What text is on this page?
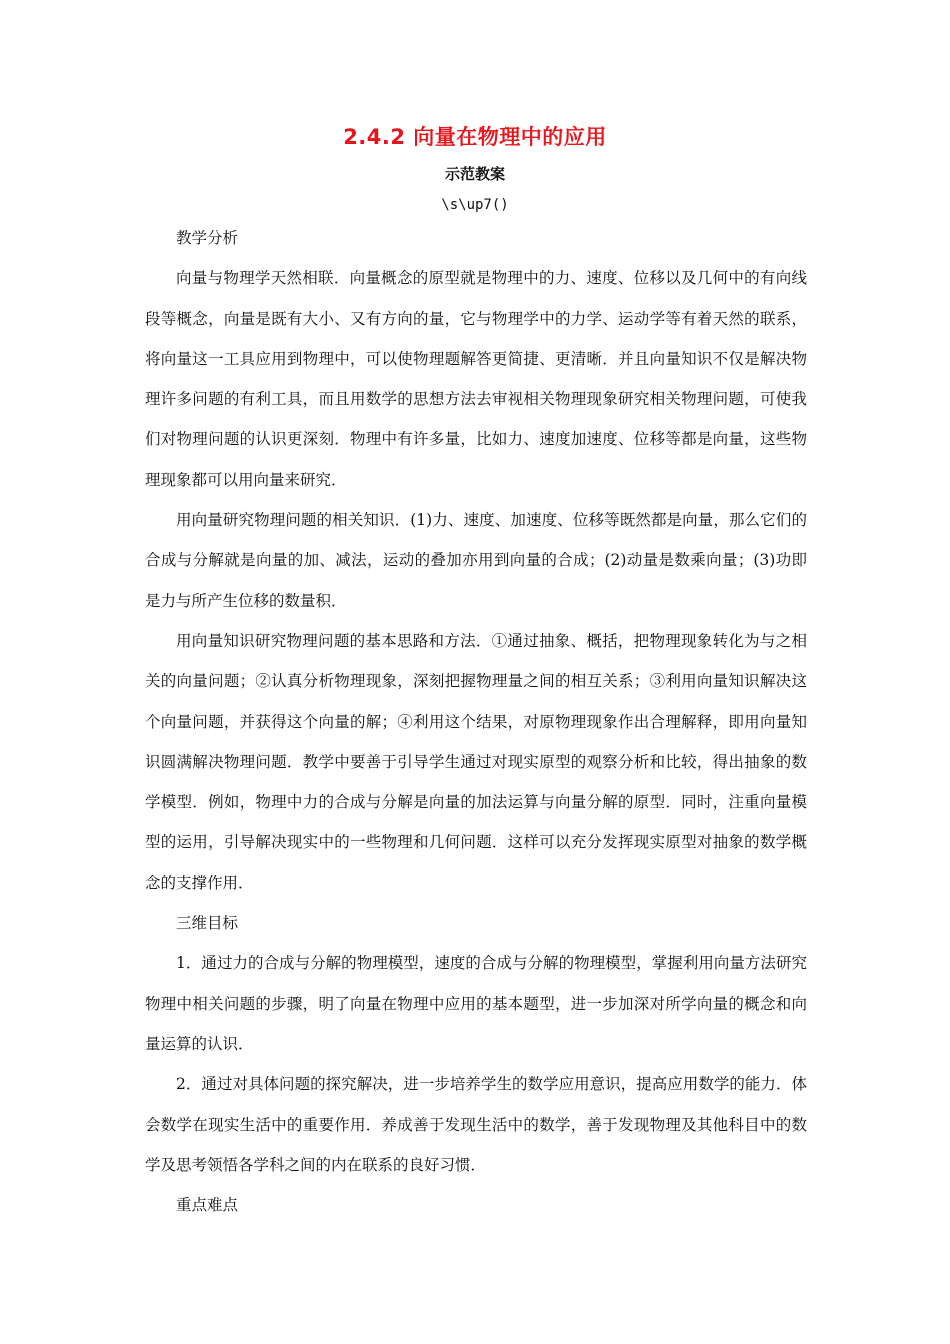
2.4.2 向量在物理中的应用
示范教案
\s\up7()

教学分析

向量与物理学天然相联．向量概念的原型就是物理中的力、速度、位移以及几何中的有向线段等概念，向量是既有大小、又有方向的量，它与物理学中的力学、运动学等有着天然的联系，将向量这一工具应用到物理中，可以使物理题解答更简捷、更清晰．并且向量知识不仅是解决物理许多问题的有利工具，而且用数学的思想方法去审视相关物理现象研究相关物理问题，可使我们对物理问题的认识更深刻．物理中有许多量，比如力、速度加速度、位移等都是向量，这些物理现象都可以用向量来研究．

用向量研究物理问题的相关知识．(1)力、速度、加速度、位移等既然都是向量，那么它们的合成与分解就是向量的加、减法，运动的叠加亦用到向量的合成；(2)动量是数乘向量；(3)功即是力与所产生位移的数量积．

用向量知识研究物理问题的基本思路和方法．①通过抽象、概括，把物理现象转化为与之相关的向量问题；②认真分析物理现象，深刻把握物理量之间的相互关系；③利用向量知识解决这个向量问题，并获得这个向量的解；④利用这个结果，对原物理现象作出合理解释，即用向量知识圆满解决物理问题．教学中要善于引导学生通过对现实原型的观察分析和比较，得出抽象的数学模型．例如，物理中力的合成与分解是向量的加法运算与向量分解的原型．同时，注重向量模型的运用，引导解决现实中的一些物理和几何问题．这样可以充分发挥现实原型对抽象的数学概念的支撑作用．

三维目标

1．通过力的合成与分解的物理模型，速度的合成与分解的物理模型，掌握利用向量方法研究物理中相关问题的步骤，明了向量在物理中应用的基本题型，进一步加深对所学向量的概念和向量运算的认识．

2．通过对具体问题的探究解决，进一步培养学生的数学应用意识，提高应用数学的能力．体会数学在现实生活中的重要作用．养成善于发现生活中的数学，善于发现物理及其他科目中的数学及思考领悟各学科之间的内在联系的良好习惯．

重点难点
